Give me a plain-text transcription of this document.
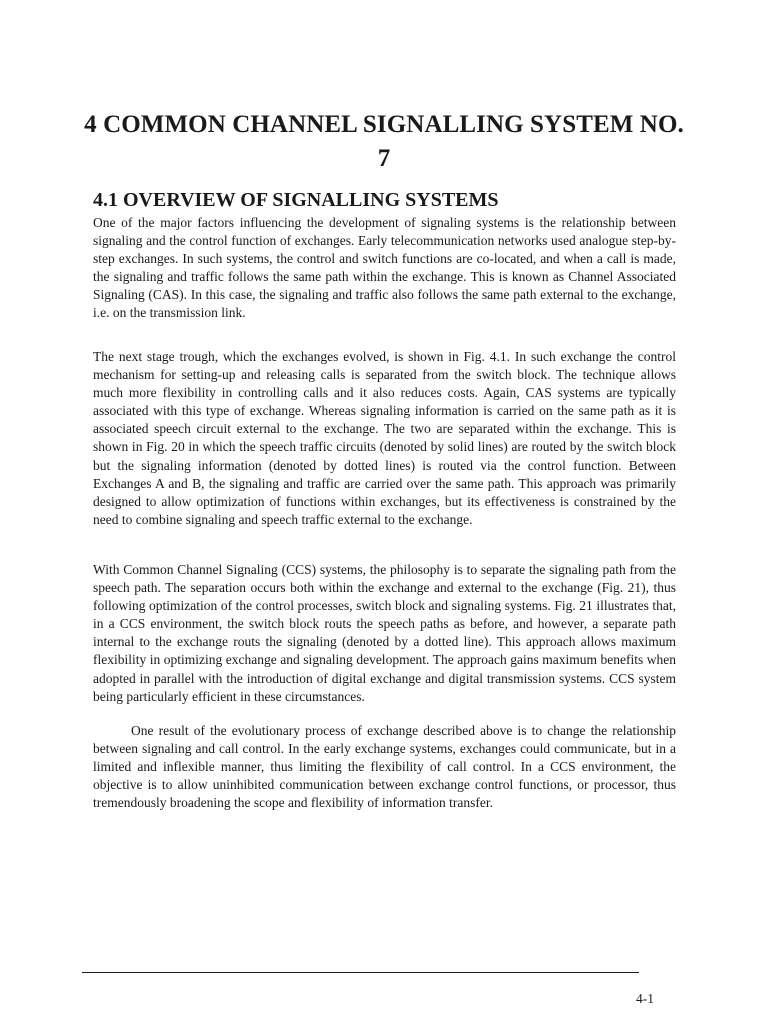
4 COMMON CHANNEL SIGNALLING SYSTEM NO. 7
4.1 OVERVIEW OF SIGNALLING SYSTEMS

One of the major factors influencing the development of signaling systems is the relationship between signaling and the control function of exchanges. Early telecommunication networks used analogue step-by-step exchanges. In such systems, the control and switch functions are co-located, and when a call is made, the signaling and traffic follows the same path within the exchange. This is known as Channel Associated Signaling (CAS). In this case, the signaling and traffic also follows the same path external to the exchange, i.e. on the transmission link.

The next stage trough, which the exchanges evolved, is shown in Fig. 4.1. In such exchange the control mechanism for setting-up and releasing calls is separated from the switch block. The technique allows much more flexibility in controlling calls and it also reduces costs. Again, CAS systems are typically associated with this type of exchange. Whereas signaling information is carried on the same path as it is associated speech circuit external to the exchange. The two are separated within the exchange. This is shown in Fig. 20 in which the speech traffic circuits (denoted by solid lines) are routed by the switch block but the signaling information (denoted by dotted lines) is routed via the control function. Between Exchanges A and B, the signaling and traffic are carried over the same path. This approach was primarily designed to allow optimization of functions within exchanges, but its effectiveness is constrained by the need to combine signaling and speech traffic external to the exchange.

With Common Channel Signaling (CCS) systems, the philosophy is to separate the signaling path from the speech path. The separation occurs both within the exchange and external to the exchange (Fig. 21), thus following optimization of the control processes, switch block and signaling systems. Fig. 21 illustrates that, in a CCS environment, the switch block routs the speech paths as before, and however, a separate path internal to the exchange routs the signaling (denoted by a dotted line). This approach allows maximum flexibility in optimizing exchange and signaling development. The approach gains maximum benefits when adopted in parallel with the introduction of digital exchange and digital transmission systems. CCS system being particularly efficient in these circumstances.

One result of the evolutionary process of exchange described above is to change the relationship between signaling and call control. In the early exchange systems, exchanges could communicate, but in a limited and inflexible manner, thus limiting the flexibility of call control. In a CCS environment, the objective is to allow uninhibited communication between exchange control functions, or processor, thus tremendously broadening the scope and flexibility of information transfer.

4-1
